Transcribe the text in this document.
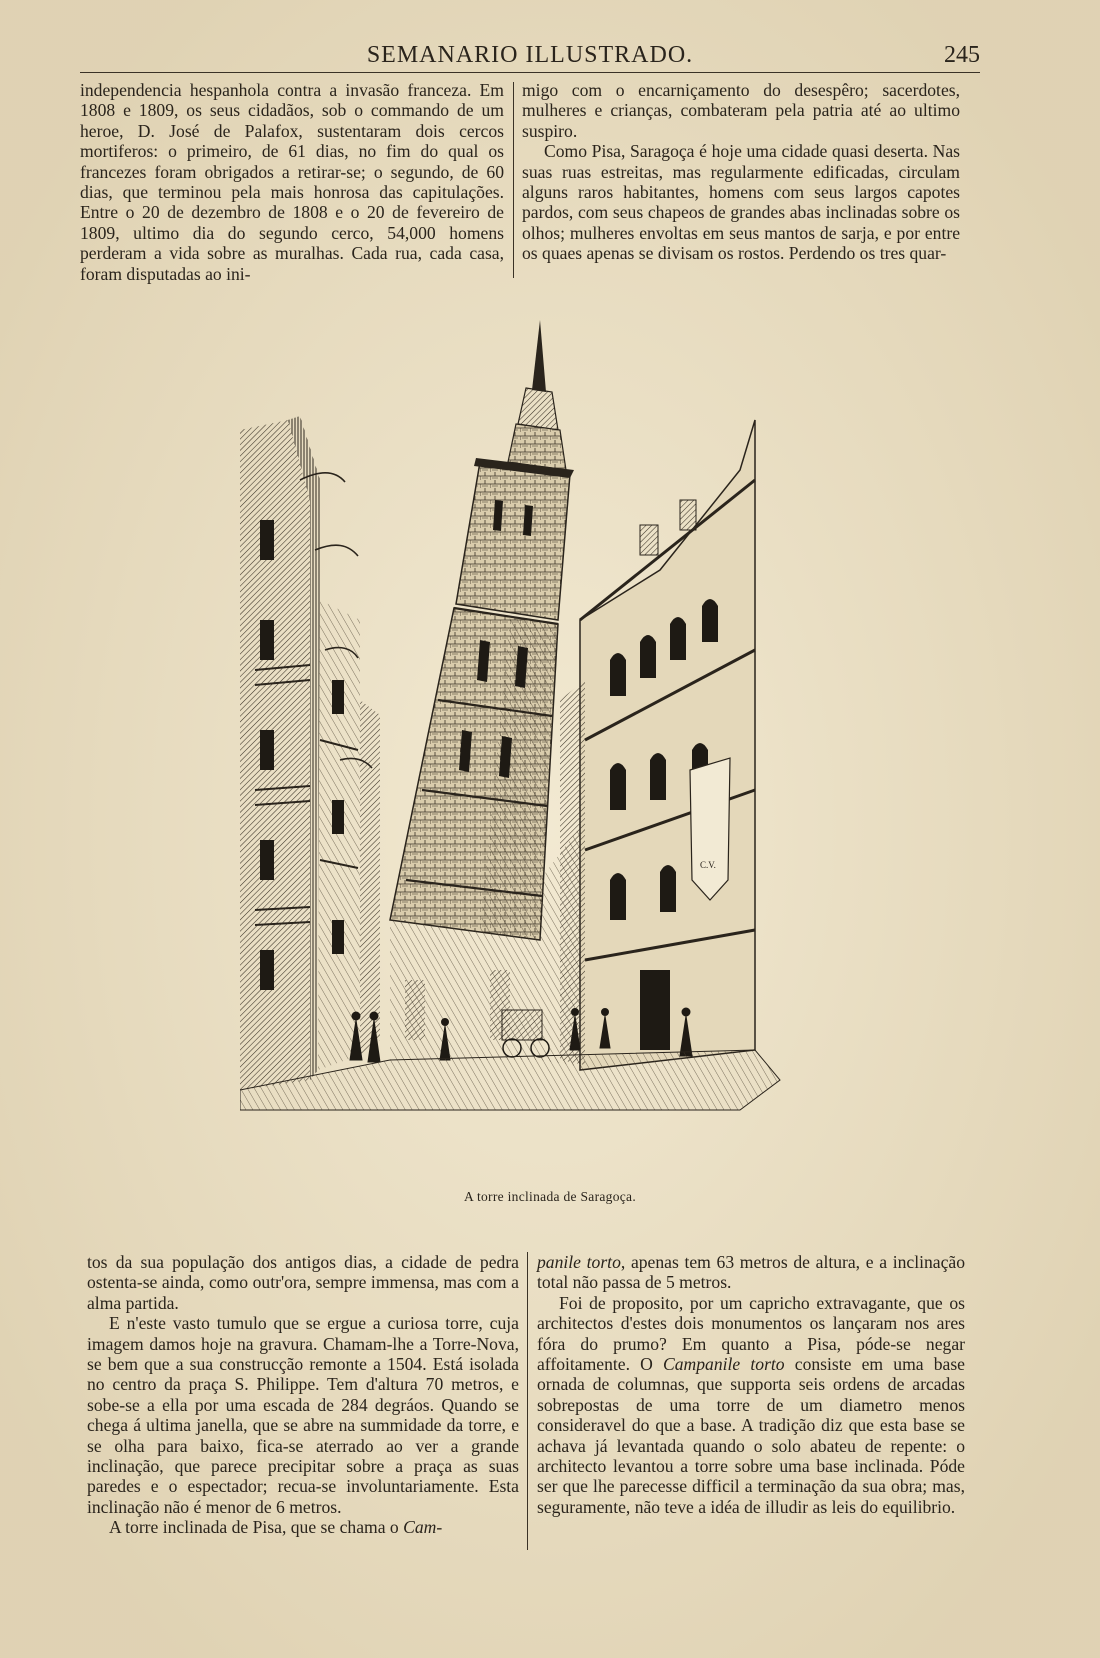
SEMANARIO ILLUSTRADO.	245

independencia hespanhola contra a invasão franceza. Em 1808 e 1809, os seus cidadãos, sob o commando de um heroe, D. José de Palafox, sustentaram dois cercos mortiferos: o primeiro, de 61 dias, no fim do qual os francezes foram obrigados a retirar-se; o segundo, de 60 dias, que terminou pela mais honrosa das capitulações. Entre o 20 de dezembro de 1808 e o 20 de fevereiro de 1809, ultimo dia do segundo cerco, 54,000 homens perderam a vida sobre as muralhas. Cada rua, cada casa, foram disputadas ao ini-

migo com o encarniçamento do desespêro; sacerdotes, mulheres e crianças, combateram pela patria até ao ultimo suspiro.

Como Pisa, Saragoça é hoje uma cidade quasi deserta. Nas suas ruas estreitas, mas regularmente edificadas, circulam alguns raros habitantes, homens com seus largos capotes pardos, com seus chapeos de grandes abas inclinadas sobre os olhos; mulheres envoltas em seus mantos de sarja, e por entre os quaes apenas se divisam os rostos. Perdendo os tres quar-

C.V.
A torre inclinada de Saragoça.

tos da sua população dos antigos dias, a cidade de pedra ostenta-se ainda, como outr'ora, sempre immensa, mas com a alma partida.

E n'este vasto tumulo que se ergue a curiosa torre, cuja imagem damos hoje na gravura. Chamam-lhe a Torre-Nova, se bem que a sua construcção remonte a 1504. Está isolada no centro da praça S. Philippe. Tem d'altura 70 metros, e sobe-se a ella por uma escada de 284 degráos. Quando se chega á ultima janella, que se abre na summidade da torre, e se olha para baixo, fica-se aterrado ao ver a grande inclinação, que parece precipitar sobre a praça as suas paredes e o espectador; recua-se involuntariamente. Esta inclinação não é menor de 6 metros.

A torre inclinada de Pisa, que se chama o Cam-

panile torto, apenas tem 63 metros de altura, e a inclinação total não passa de 5 metros.

Foi de proposito, por um capricho extravagante, que os architectos d'estes dois monumentos os lançaram nos ares fóra do prumo? Em quanto a Pisa, póde-se negar affoitamente. O Campanile torto consiste em uma base ornada de columnas, que supporta seis ordens de arcadas sobrepostas de uma torre de um diametro menos consideravel do que a base. A tradição diz que esta base se achava já levantada quando o solo abateu de repente: o architecto levantou a torre sobre uma base inclinada. Póde ser que lhe parecesse difficil a terminação da sua obra; mas, seguramente, não teve a idéa de illudir as leis do equilibrio.
